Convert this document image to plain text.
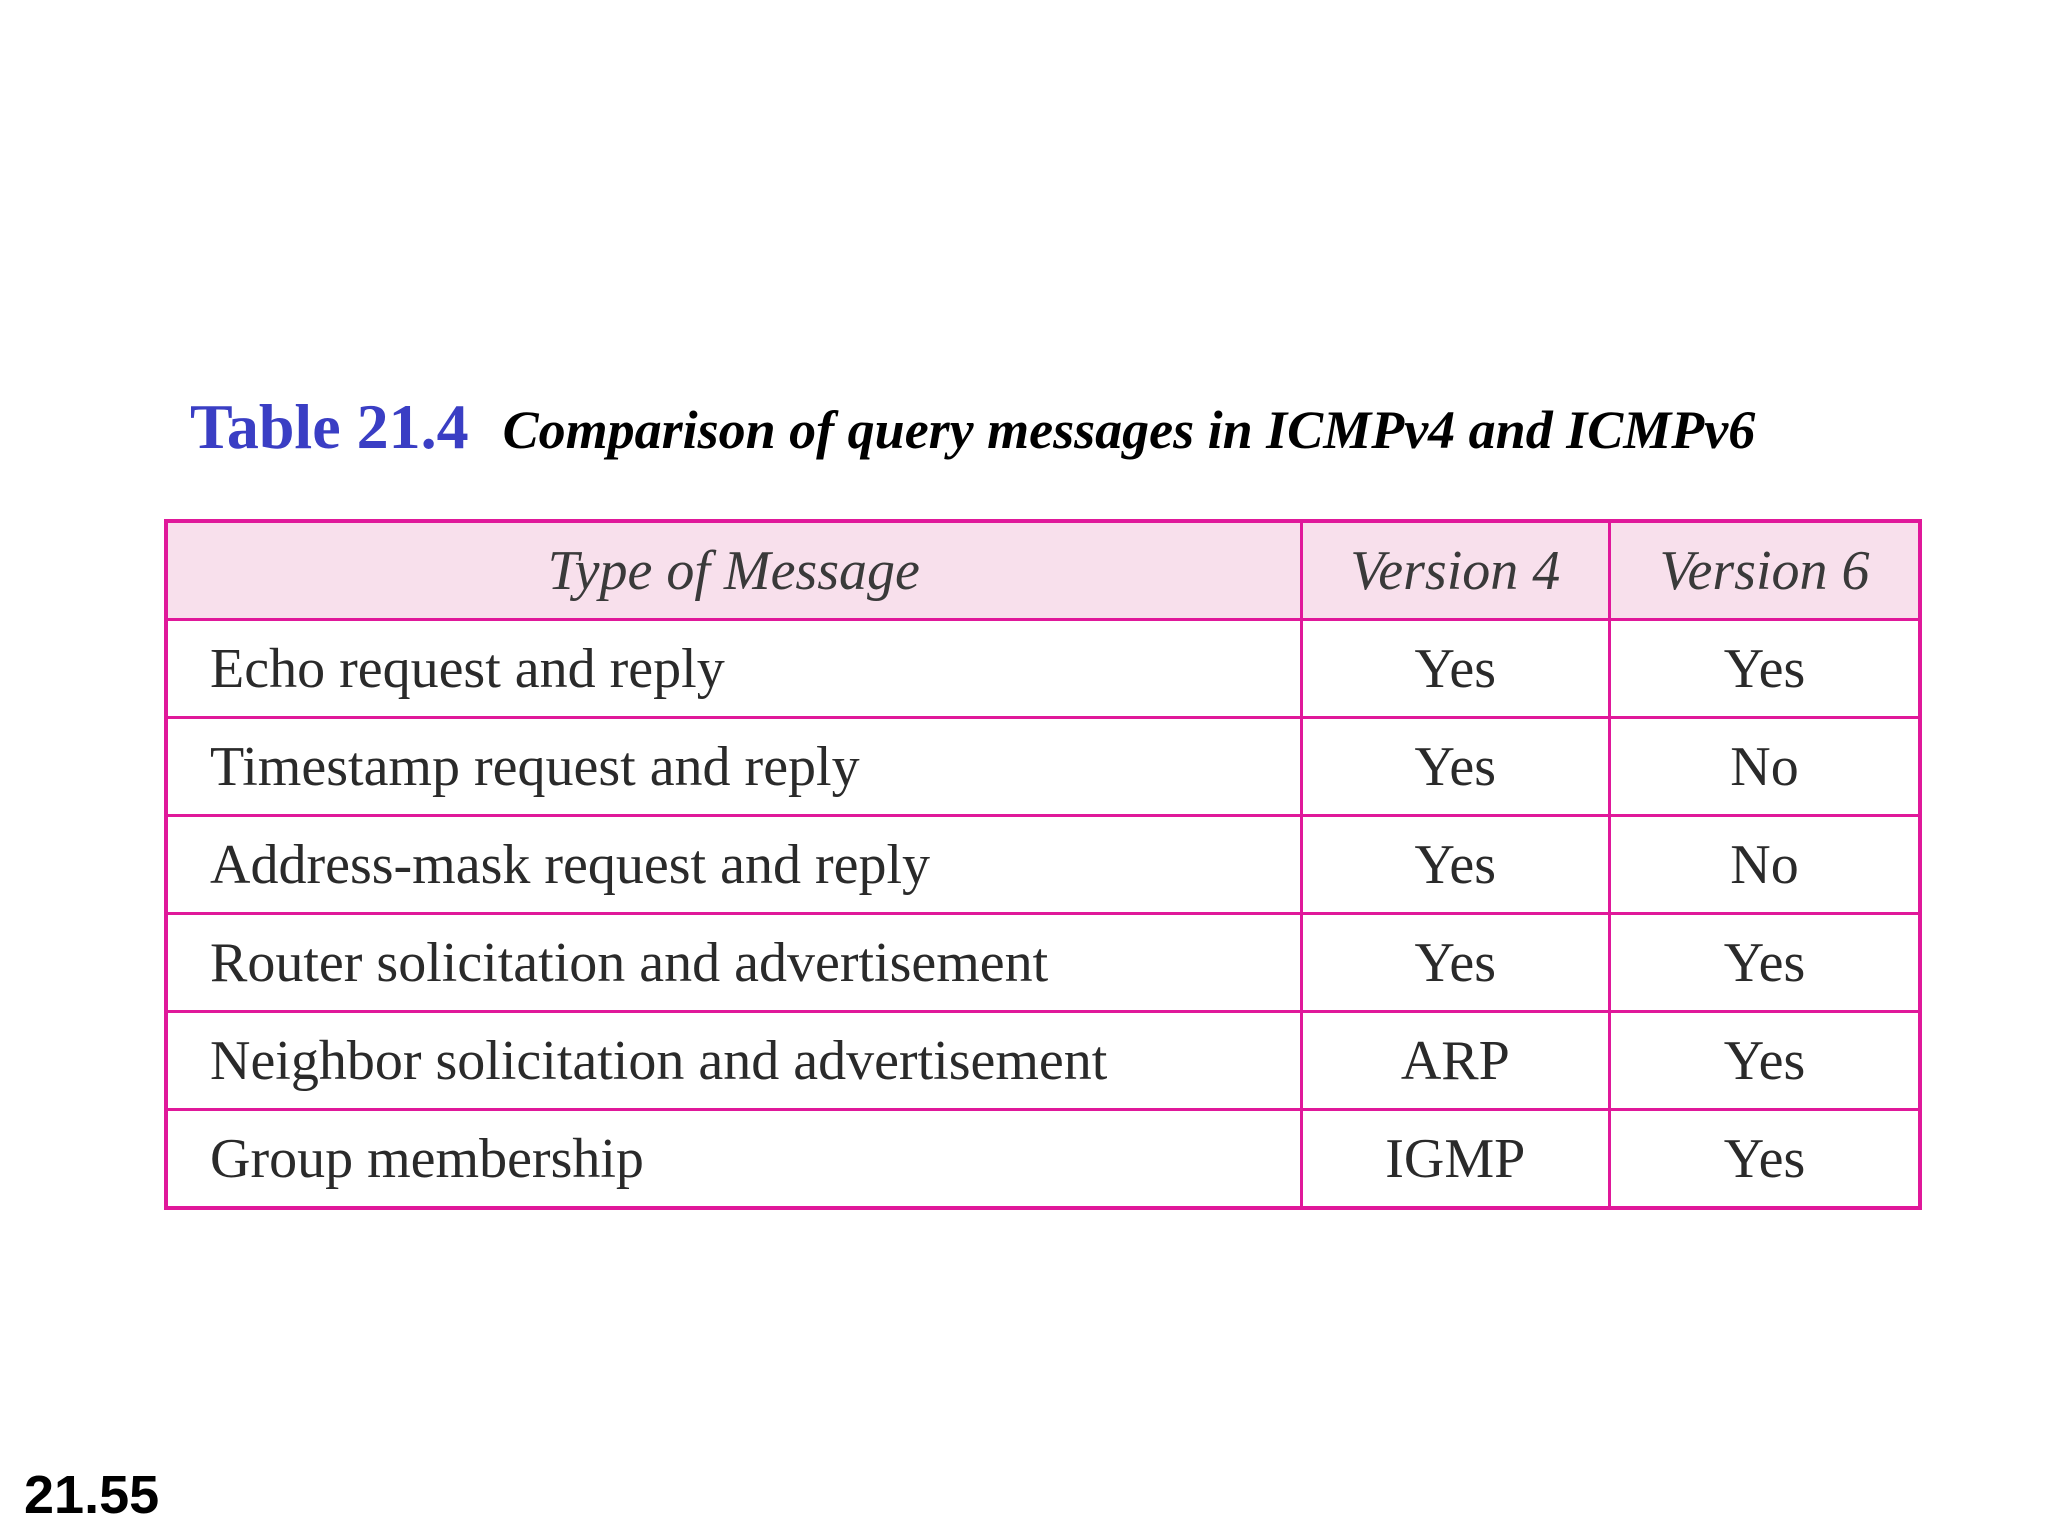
Table 21.4 Comparison of query messages in ICMPv4 and ICMPv6
Type of Message	Version 4	Version 6
Echo request and reply	Yes	Yes
Timestamp request and reply	Yes	No
Address-mask request and reply	Yes	No
Router solicitation and advertisement	Yes	Yes
Neighbor solicitation and advertisement	ARP	Yes
Group membership	IGMP	Yes
21.55
